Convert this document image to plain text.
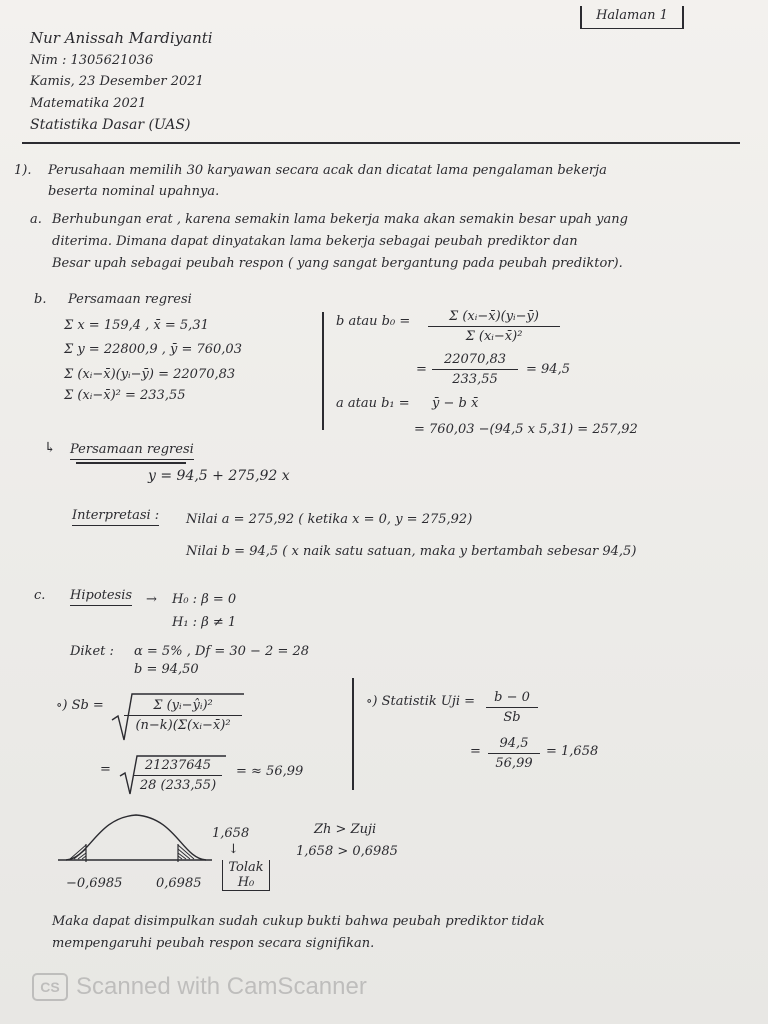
Halaman 1
Nur Anissah Mardiyanti
Nim : 1305621036
Kamis, 23 Desember 2021
Matematika 2021
Statistika Dasar (UAS)
1). Perusahaan memilih 30 karyawan secara acak dan dicatat lama pengalaman bekerja
beserta nominal upahnya.
a. Berhubungan erat , karena semakin lama bekerja maka akan semakin besar upah yang
diterima. Dimana dapat dinyatakan lama bekerja sebagai peubah prediktor dan
Besar upah sebagai peubah respon ( yang sangat bergantung pada peubah prediktor).
b. Persamaan regresi
Σ x = 159,4 , x̄ = 5,31
Σ y = 22800,9 , ȳ = 760,03
Σ (xᵢ−x̄)(yᵢ−ȳ) = 22070,83
Σ (xᵢ−x̄)² = 233,55
b atau $b_0 = \frac{\text{Σ (xᵢ−x̄)(yᵢ−ȳ)}}{\text{Σ (xᵢ−x̄)²}}$
= $\frac{22070,83}{233,55} = 94,5$
a atau b₁ = ȳ − b x̄
= 760,03 −(94,5 x 5,31) = 257,92
↳ Persamaan regresi
y = 94,5 + 275,92 x
Interpretasi : Nilai a = 275,92 ( ketika x = 0, y = 275,92)
Nilai b = 94,5 ( x naik satu satuan, maka y bertambah sebesar 94,5)
c. Hipotesis → H₀ : β = 0
H₁ : β ≠ 1
Diket : α = 5% , Df = 30 − 2 = 28
b = 94,50
∘) $Sb = \frac{\text{Σ (yᵢ−ŷᵢ)²}}{\text{(n−k)(Σ(xᵢ−x̄)²}}$
= $\frac{21237645}{28 (233,55)}$ = ≈ 56,99
∘) Statistik Uji = $\frac{b - 0}{Sb}$
= $\frac{94,5}{56,99} = 1,658$
−0,6985	0,6985
1,658
↓
Tolak
H₀
Zh > Zuji
1,658 > 0,6985
Maka dapat disimpulkan sudah cukup bukti bahwa peubah prediktor tidak
mempengaruhi peubah respon secara signifikan.
CS Scanned with CamScanner
